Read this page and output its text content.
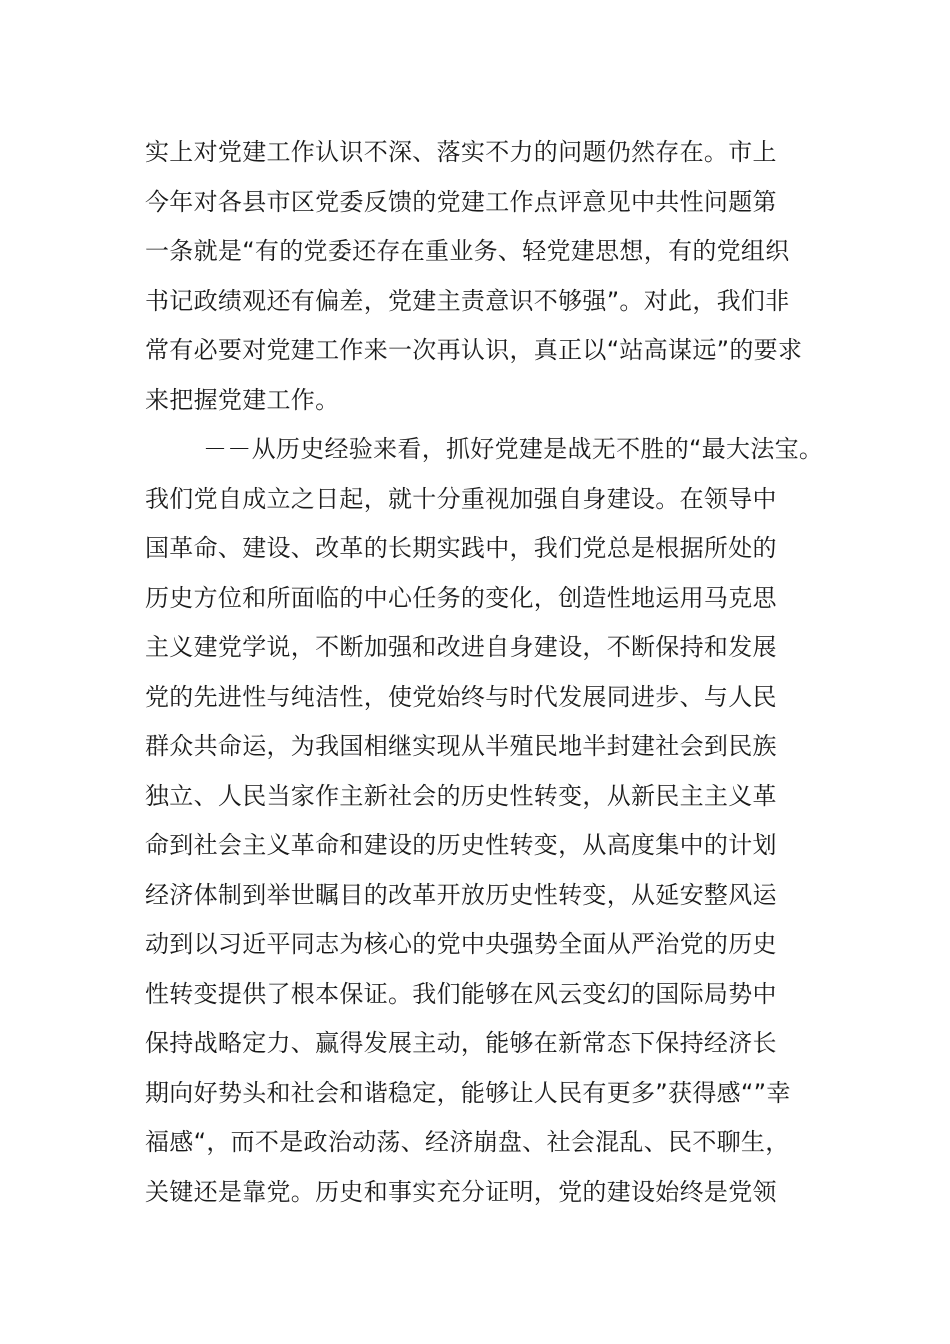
实上对党建工作认识不深、落实不力的问题仍然存在。市上
今年对各县市区党委反馈的党建工作点评意见中共性问题第
一条就是“有的党委还存在重业务、轻党建思想，有的党组织
书记政绩观还有偏差，党建主责意识不够强”。对此，我们非
常有必要对党建工作来一次再认识，真正以“站高谋远”的要求
来把握党建工作。
－－从历史经验来看，抓好党建是战无不胜的“最大法宝。
我们党自成立之日起，就十分重视加强自身建设。在领导中
国革命、建设、改革的长期实践中，我们党总是根据所处的
历史方位和所面临的中心任务的变化，创造性地运用马克思
主义建党学说，不断加强和改进自身建设，不断保持和发展
党的先进性与纯洁性，使党始终与时代发展同进步、与人民
群众共命运，为我国相继实现从半殖民地半封建社会到民族
独立、人民当家作主新社会的历史性转变，从新民主主义革
命到社会主义革命和建设的历史性转变，从高度集中的计划
经济体制到举世瞩目的改革开放历史性转变，从延安整风运
动到以习近平同志为核心的党中央强势全面从严治党的历史
性转变提供了根本保证。我们能够在风云变幻的国际局势中
保持战略定力、赢得发展主动，能够在新常态下保持经济长
期向好势头和社会和谐稳定，能够让人民有更多”获得感“”幸
福感“，而不是政治动荡、经济崩盘、社会混乱、民不聊生，
关键还是靠党。历史和事实充分证明，党的建设始终是党领
